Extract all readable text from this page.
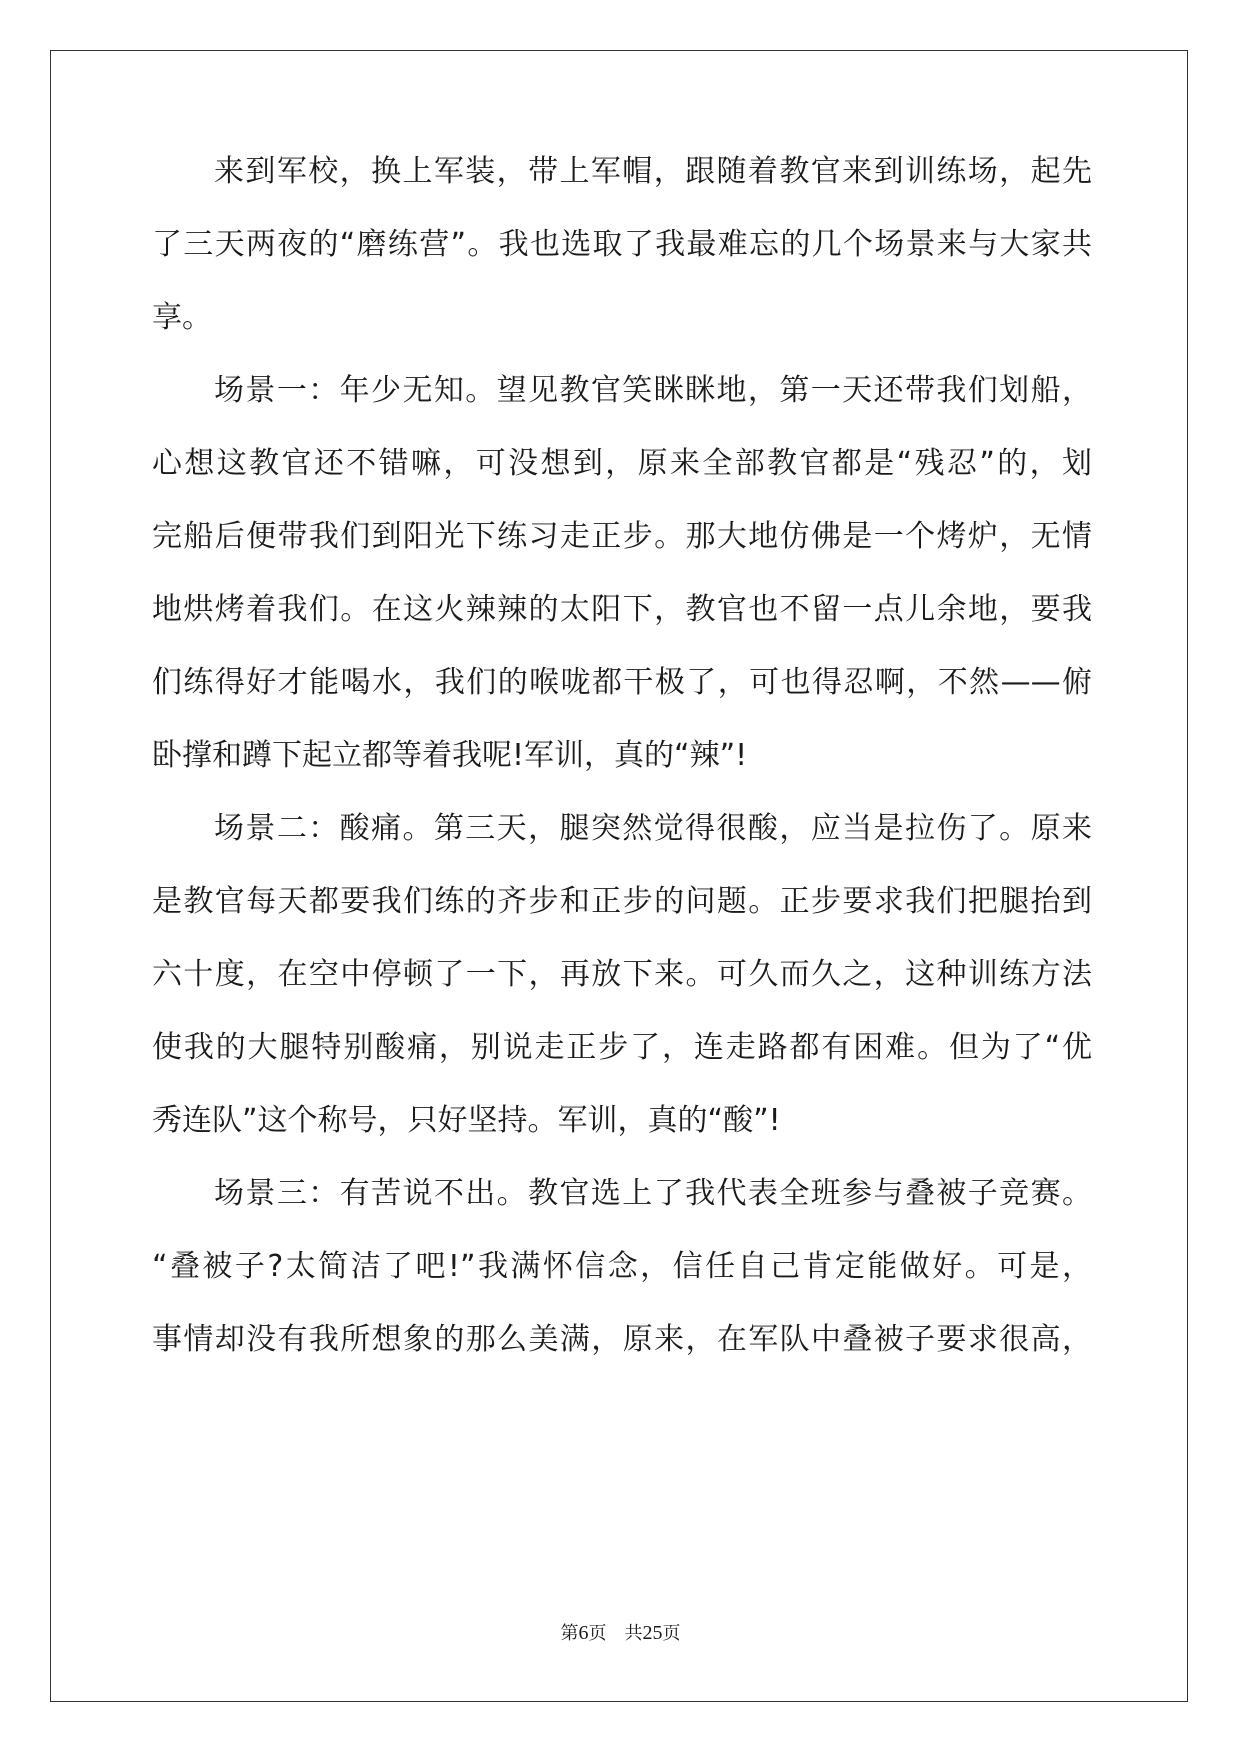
来到军校，换上军装，带上军帽，跟随着教官来到训练场，起先
了三天两夜的“磨练营”。我也选取了我最难忘的几个场景来与大家共
享。
场景一：年少无知。望见教官笑眯眯地，第一天还带我们划船，
心想这教官还不错嘛，可没想到，原来全部教官都是“残忍”的，划
完船后便带我们到阳光下练习走正步。那大地仿佛是一个烤炉，无情
地烘烤着我们。在这火辣辣的太阳下，教官也不留一点儿余地，要我
们练得好才能喝水，我们的喉咙都干极了，可也得忍啊，不然——俯
卧撑和蹲下起立都等着我呢!军训，真的“辣”!
场景二：酸痛。第三天，腿突然觉得很酸，应当是拉伤了。原来
是教官每天都要我们练的齐步和正步的问题。正步要求我们把腿抬到
六十度，在空中停顿了一下，再放下来。可久而久之，这种训练方法
使我的大腿特别酸痛，别说走正步了，连走路都有困难。但为了“优
秀连队”这个称号，只好坚持。军训，真的“酸”!
场景三：有苦说不出。教官选上了我代表全班参与叠被子竞赛。
“叠被子?太简洁了吧!”我满怀信念，信任自己肯定能做好。可是，
事情却没有我所想象的那么美满，原来，在军队中叠被子要求很高，
第6页 共25页
